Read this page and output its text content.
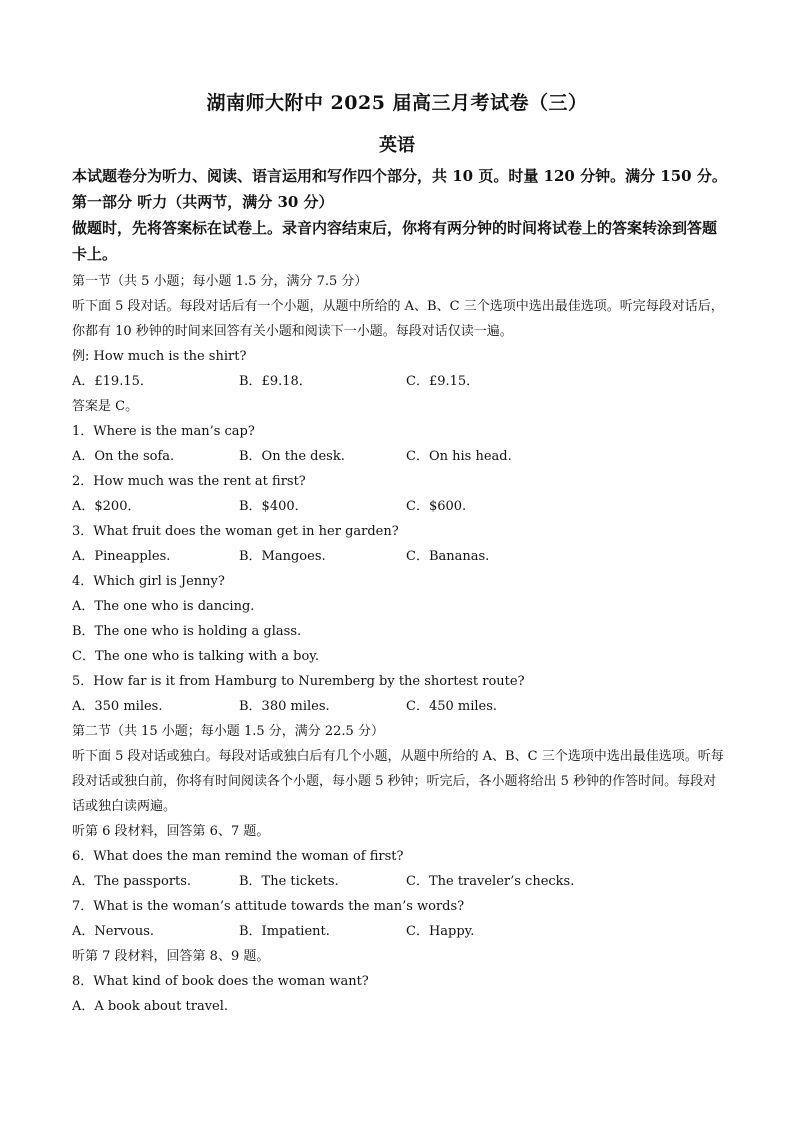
湖南师大附中 2025 届高三月考试卷（三）
英语
本试题卷分为听力、阅读、语言运用和写作四个部分，共 10 页。时量 120 分钟。满分 150 分。
第一部分 听力（共两节，满分 30 分）
做题时，先将答案标在试卷上。录音内容结束后，你将有两分钟的时间将试卷上的答案转涂到答题卡上。
第一节（共 5 小题；每小题 1.5 分，满分 7.5 分）
听下面 5 段对话。每段对话后有一个小题，从题中所给的 A、B、C 三个选项中选出最佳选项。听完每段对话后，你都有 10 秒钟的时间来回答有关小题和阅读下一小题。每段对话仅读一遍。
例: How much is the shirt?
A．£19.15．	B．£9.18．	C．£9.15．
答案是 C。
1．Where is the man’s cap?
A．On the sofa.	B．On the desk.	C．On his head.
2．How much was the rent at first?
A．$200．	B．$400．	C．$600.
3．What fruit does the woman get in her garden?
A．Pineapples.	B．Mangoes.	C．Bananas.
4．Which girl is Jenny?
A．The one who is dancing.
B．The one who is holding a glass.
C．The one who is talking with a boy.
5．How far is it from Hamburg to Nuremberg by the shortest route?
A．350 miles.	B．380 miles.	C．450 miles.
第二节（共 15 小题；每小题 1.5 分，满分 22.5 分）
听下面 5 段对话或独白。每段对话或独白后有几个小题，从题中所给的 A、B、C 三个选项中选出最佳选项。听每段对话或独白前，你将有时间阅读各个小题，每小题 5 秒钟；听完后，各小题将给出 5 秒钟的作答时间。每段对话或独白读两遍。
听第 6 段材料，回答第 6、7 题。
6．What does the man remind the woman of first?
A．The passports.	B．The tickets.	C．The traveler’s checks.
7．What is the woman’s attitude towards the man’s words?
A．Nervous.	B．Impatient.	C．Happy.
听第 7 段材料，回答第 8、9 题。
8．What kind of book does the woman want?
A．A book about travel.
